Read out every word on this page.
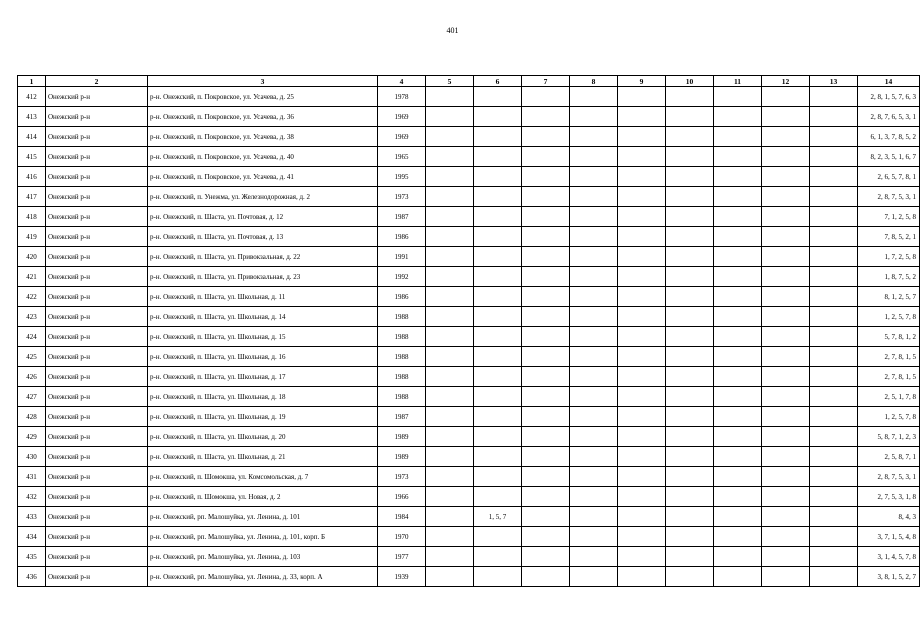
401
1	2	3	4	5	6	7	8	9	10	11	12	13	14
412	Онежский р-н	р-н. Онежский, п. Покровское, ул. Усачева, д. 25	1978										2, 8, 1, 5, 7, 6, 3
413	Онежский р-н	р-н. Онежский, п. Покровское, ул. Усачева, д. 36	1969										2, 8, 7, 6, 5, 3, 1
414	Онежский р-н	р-н. Онежский, п. Покровское, ул. Усачева, д. 38	1969										6, 1, 3, 7, 8, 5, 2
415	Онежский р-н	р-н. Онежский, п. Покровское, ул. Усачева, д. 40	1965										8, 2, 3, 5, 1, 6, 7
416	Онежский р-н	р-н. Онежский, п. Покровское, ул. Усачева, д. 41	1995										2, 6, 5, 7, 8, 1
417	Онежский р-н	р-н. Онежский, п. Унежма, ул. Железнодорожная, д. 2	1973										2, 8, 7, 5, 3, 1
418	Онежский р-н	р-н. Онежский, п. Шаста, ул. Почтовая, д. 12	1987										7, 1, 2, 5, 8
419	Онежский р-н	р-н. Онежский, п. Шаста, ул. Почтовая, д. 13	1986										7, 8, 5, 2, 1
420	Онежский р-н	р-н. Онежский, п. Шаста, ул. Привокзальная, д. 22	1991										1, 7, 2, 5, 8
421	Онежский р-н	р-н. Онежский, п. Шаста, ул. Привокзальная, д. 23	1992										1, 8, 7, 5, 2
422	Онежский р-н	р-н. Онежский, п. Шаста, ул. Школьная, д. 11	1986										8, 1, 2, 5, 7
423	Онежский р-н	р-н. Онежский, п. Шаста, ул. Школьная, д. 14	1988										1, 2, 5, 7, 8
424	Онежский р-н	р-н. Онежский, п. Шаста, ул. Школьная, д. 15	1988										5, 7, 8, 1, 2
425	Онежский р-н	р-н. Онежский, п. Шаста, ул. Школьная, д. 16	1988										2, 7, 8, 1, 5
426	Онежский р-н	р-н. Онежский, п. Шаста, ул. Школьная, д. 17	1988										2, 7, 8, 1, 5
427	Онежский р-н	р-н. Онежский, п. Шаста, ул. Школьная, д. 18	1988										2, 5, 1, 7, 8
428	Онежский р-н	р-н. Онежский, п. Шаста, ул. Школьная, д. 19	1987										1, 2, 5, 7, 8
429	Онежский р-н	р-н. Онежский, п. Шаста, ул. Школьная, д. 20	1989										5, 8, 7, 1, 2, 3
430	Онежский р-н	р-н. Онежский, п. Шаста, ул. Школьная, д. 21	1989										2, 5, 8, 7, 1
431	Онежский р-н	р-н. Онежский, п. Шомокша, ул. Комсомольская, д. 7	1973										2, 8, 7, 5, 3, 1
432	Онежский р-н	р-н. Онежский, п. Шомокша, ул. Новая, д. 2	1966										2, 7, 5, 3, 1, 8
433	Онежский р-н	р-н. Онежский, рп. Малошуйка, ул. Ленина, д. 101	1984		1, 5, 7								8, 4, 3
434	Онежский р-н	р-н. Онежский, рп. Малошуйка, ул. Ленина, д. 101, корп. Б	1970										3, 7, 1, 5, 4, 8
435	Онежский р-н	р-н. Онежский, рп. Малошуйка, ул. Ленина, д. 103	1977										3, 1, 4, 5, 7, 8
436	Онежский р-н	р-н. Онежский, рп. Малошуйка, ул. Ленина, д. 33, корп. А	1939										3, 8, 1, 5, 2, 7
